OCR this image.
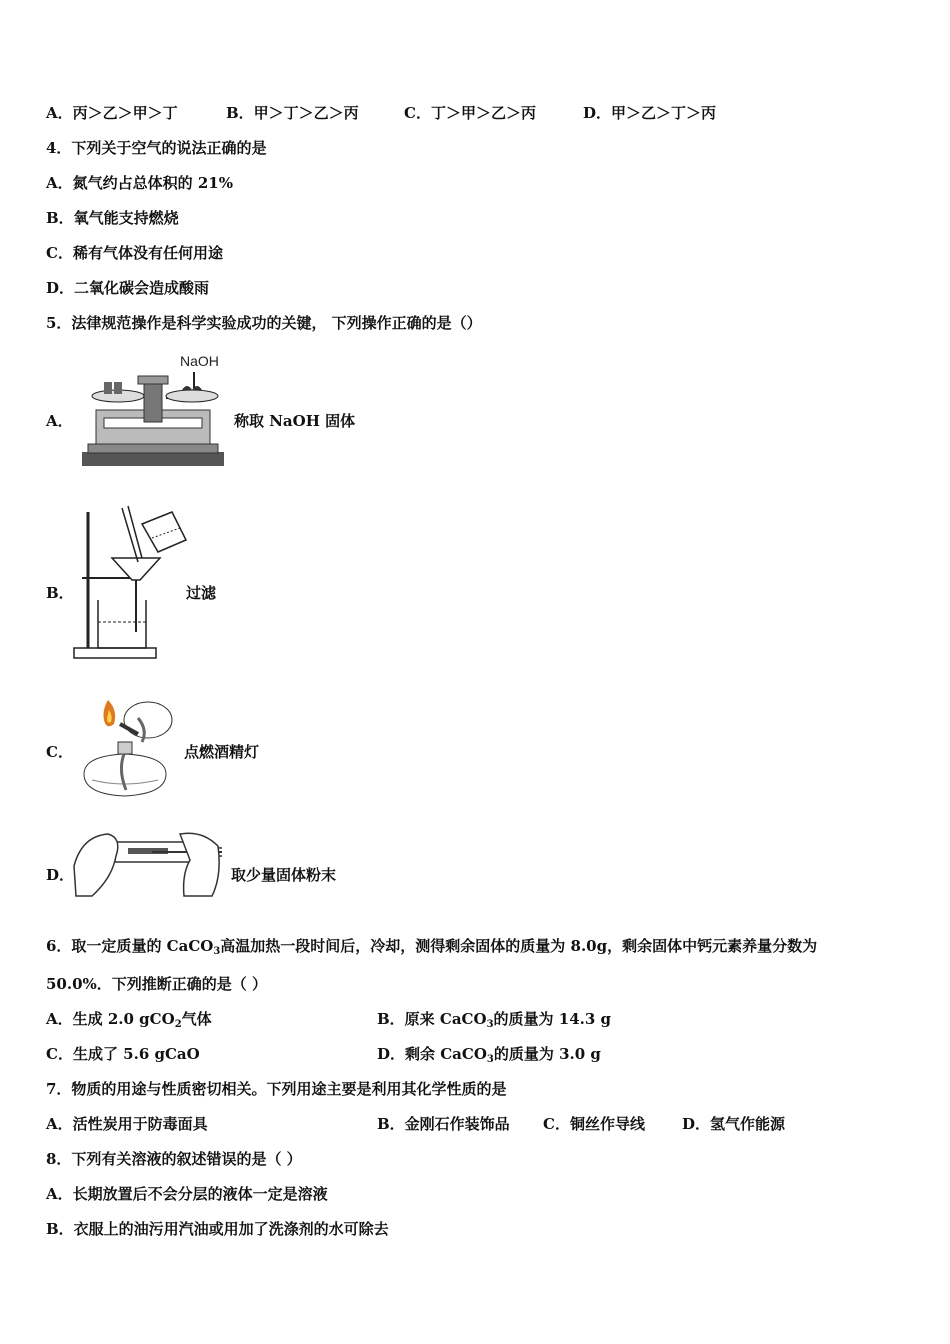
A．丙＞乙＞甲＞丁	B．甲＞丁＞乙＞丙	C．丁＞甲＞乙＞丙	D．甲＞乙＞丁＞丙
4．下列关于空气的说法正确的是
A．氮气约占总体积的 21%
B．氧气能支持燃烧
C．稀有气体没有任何用途
D．二氧化碳会造成酸雨
5．法律规范操作是科学实验成功的关键， 下列操作正确的是（）
A．
NaOH
称取 NaOH 固体
B．	过滤
C．	点燃酒精灯
D．	取少量固体粉末
6．取一定质量的 CaCO$_3$高温加热一段时间后，冷却，测得剩余固体的质量为 8.0g，剩余固体中钙元素养量分数为
50.0%．下列推断正确的是（ ）
A．生成 2.0 gCO$_2$气体	B．原来 CaCO$_3$的质量为 14.3 g
C．生成了 5.6 gCaO	D．剩余 CaCO$_3$的质量为 3.0 g
7．物质的用途与性质密切相关。下列用途主要是利用其化学性质的是
A．活性炭用于防毒面具	B．金刚石作装饰品 C．铜丝作导线 D．氢气作能源
8．下列有关溶液的叙述错误的是（ ）
A．长期放置后不会分层的液体一定是溶液
B．衣服上的油污用汽油或用加了洗涤剂的水可除去
